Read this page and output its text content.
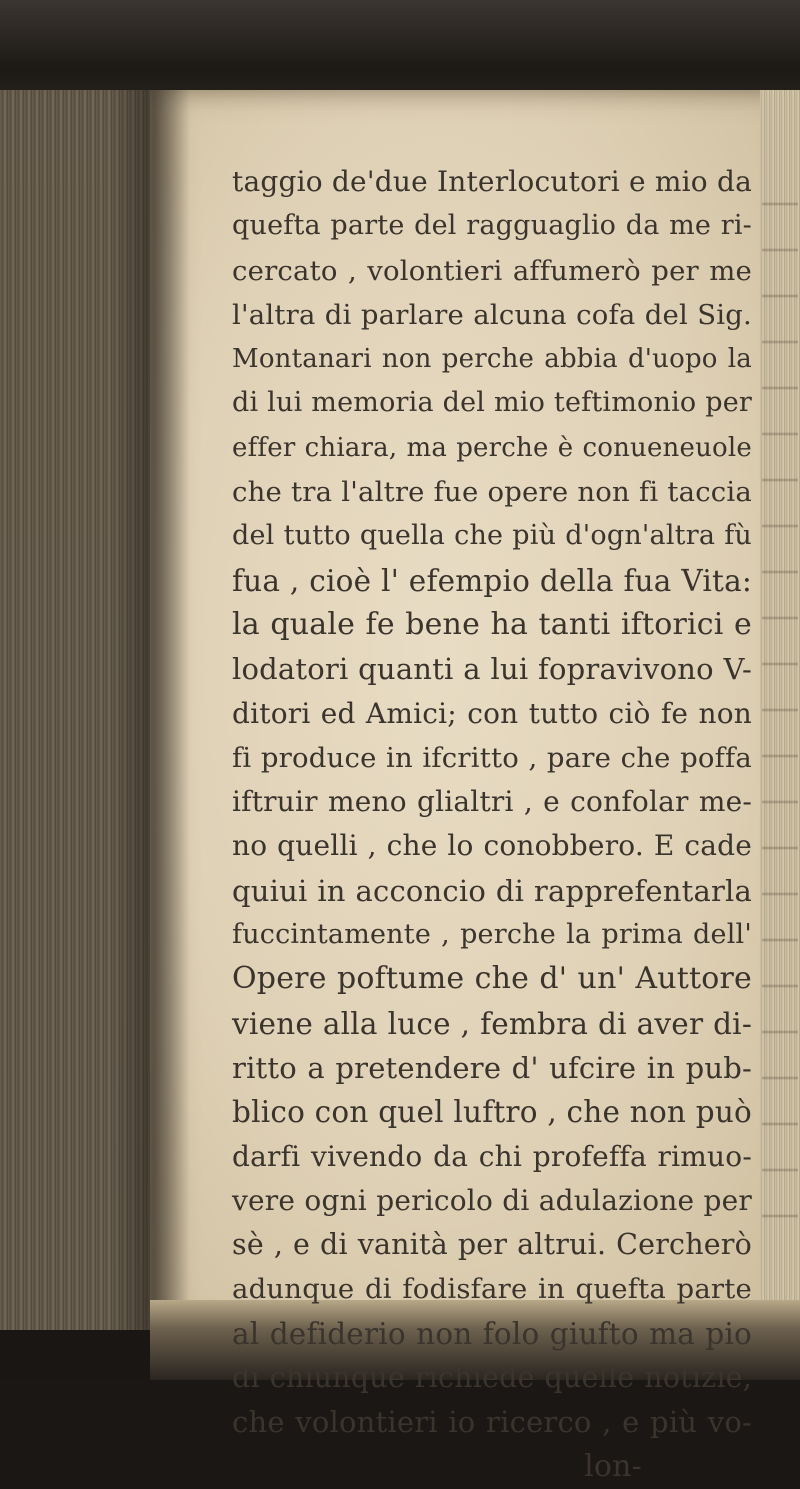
taggio de'due Interlocutori e mio da
quefta parte del ragguaglio da me ri-
cercato , volontieri affumerò per me
l'altra di parlare alcuna cofa del Sig.
Montanari non perche abbia d'uopo la
di lui memoria del mio teftimonio per
effer chiara, ma perche è conueneuole
che tra l'altre fue opere non fi taccia
del tutto quella che più d'ogn'altra fù
fua , cioè l' efempio della fua Vita:
la quale fe bene ha tanti iftorici e
lodatori quanti a lui fopravivono V-
ditori ed Amici; con tutto ciò fe non
fi produce in ifcritto , pare che poffa
iftruir meno glialtri , e confolar me-
no quelli , che lo conobbero. E cade
quiui in acconcio di rapprefentarla
fuccintamente , perche la prima dell'
Opere poftume che d' un' Auttore
viene alla luce , fembra di aver di-
ritto a pretendere d' ufcire in pub-
blico con quel luftro , che non può
darfi vivendo da chi profeffa rimuo-
vere ogni pericolo di adulazione per
sè , e di vanità per altrui. Cercherò
adunque di fodisfare in quefta parte
al defiderio non folo giufto ma pio
di chiunque richiede quelle notizie,
che volontieri io ricerco , e più vo-
lon-
